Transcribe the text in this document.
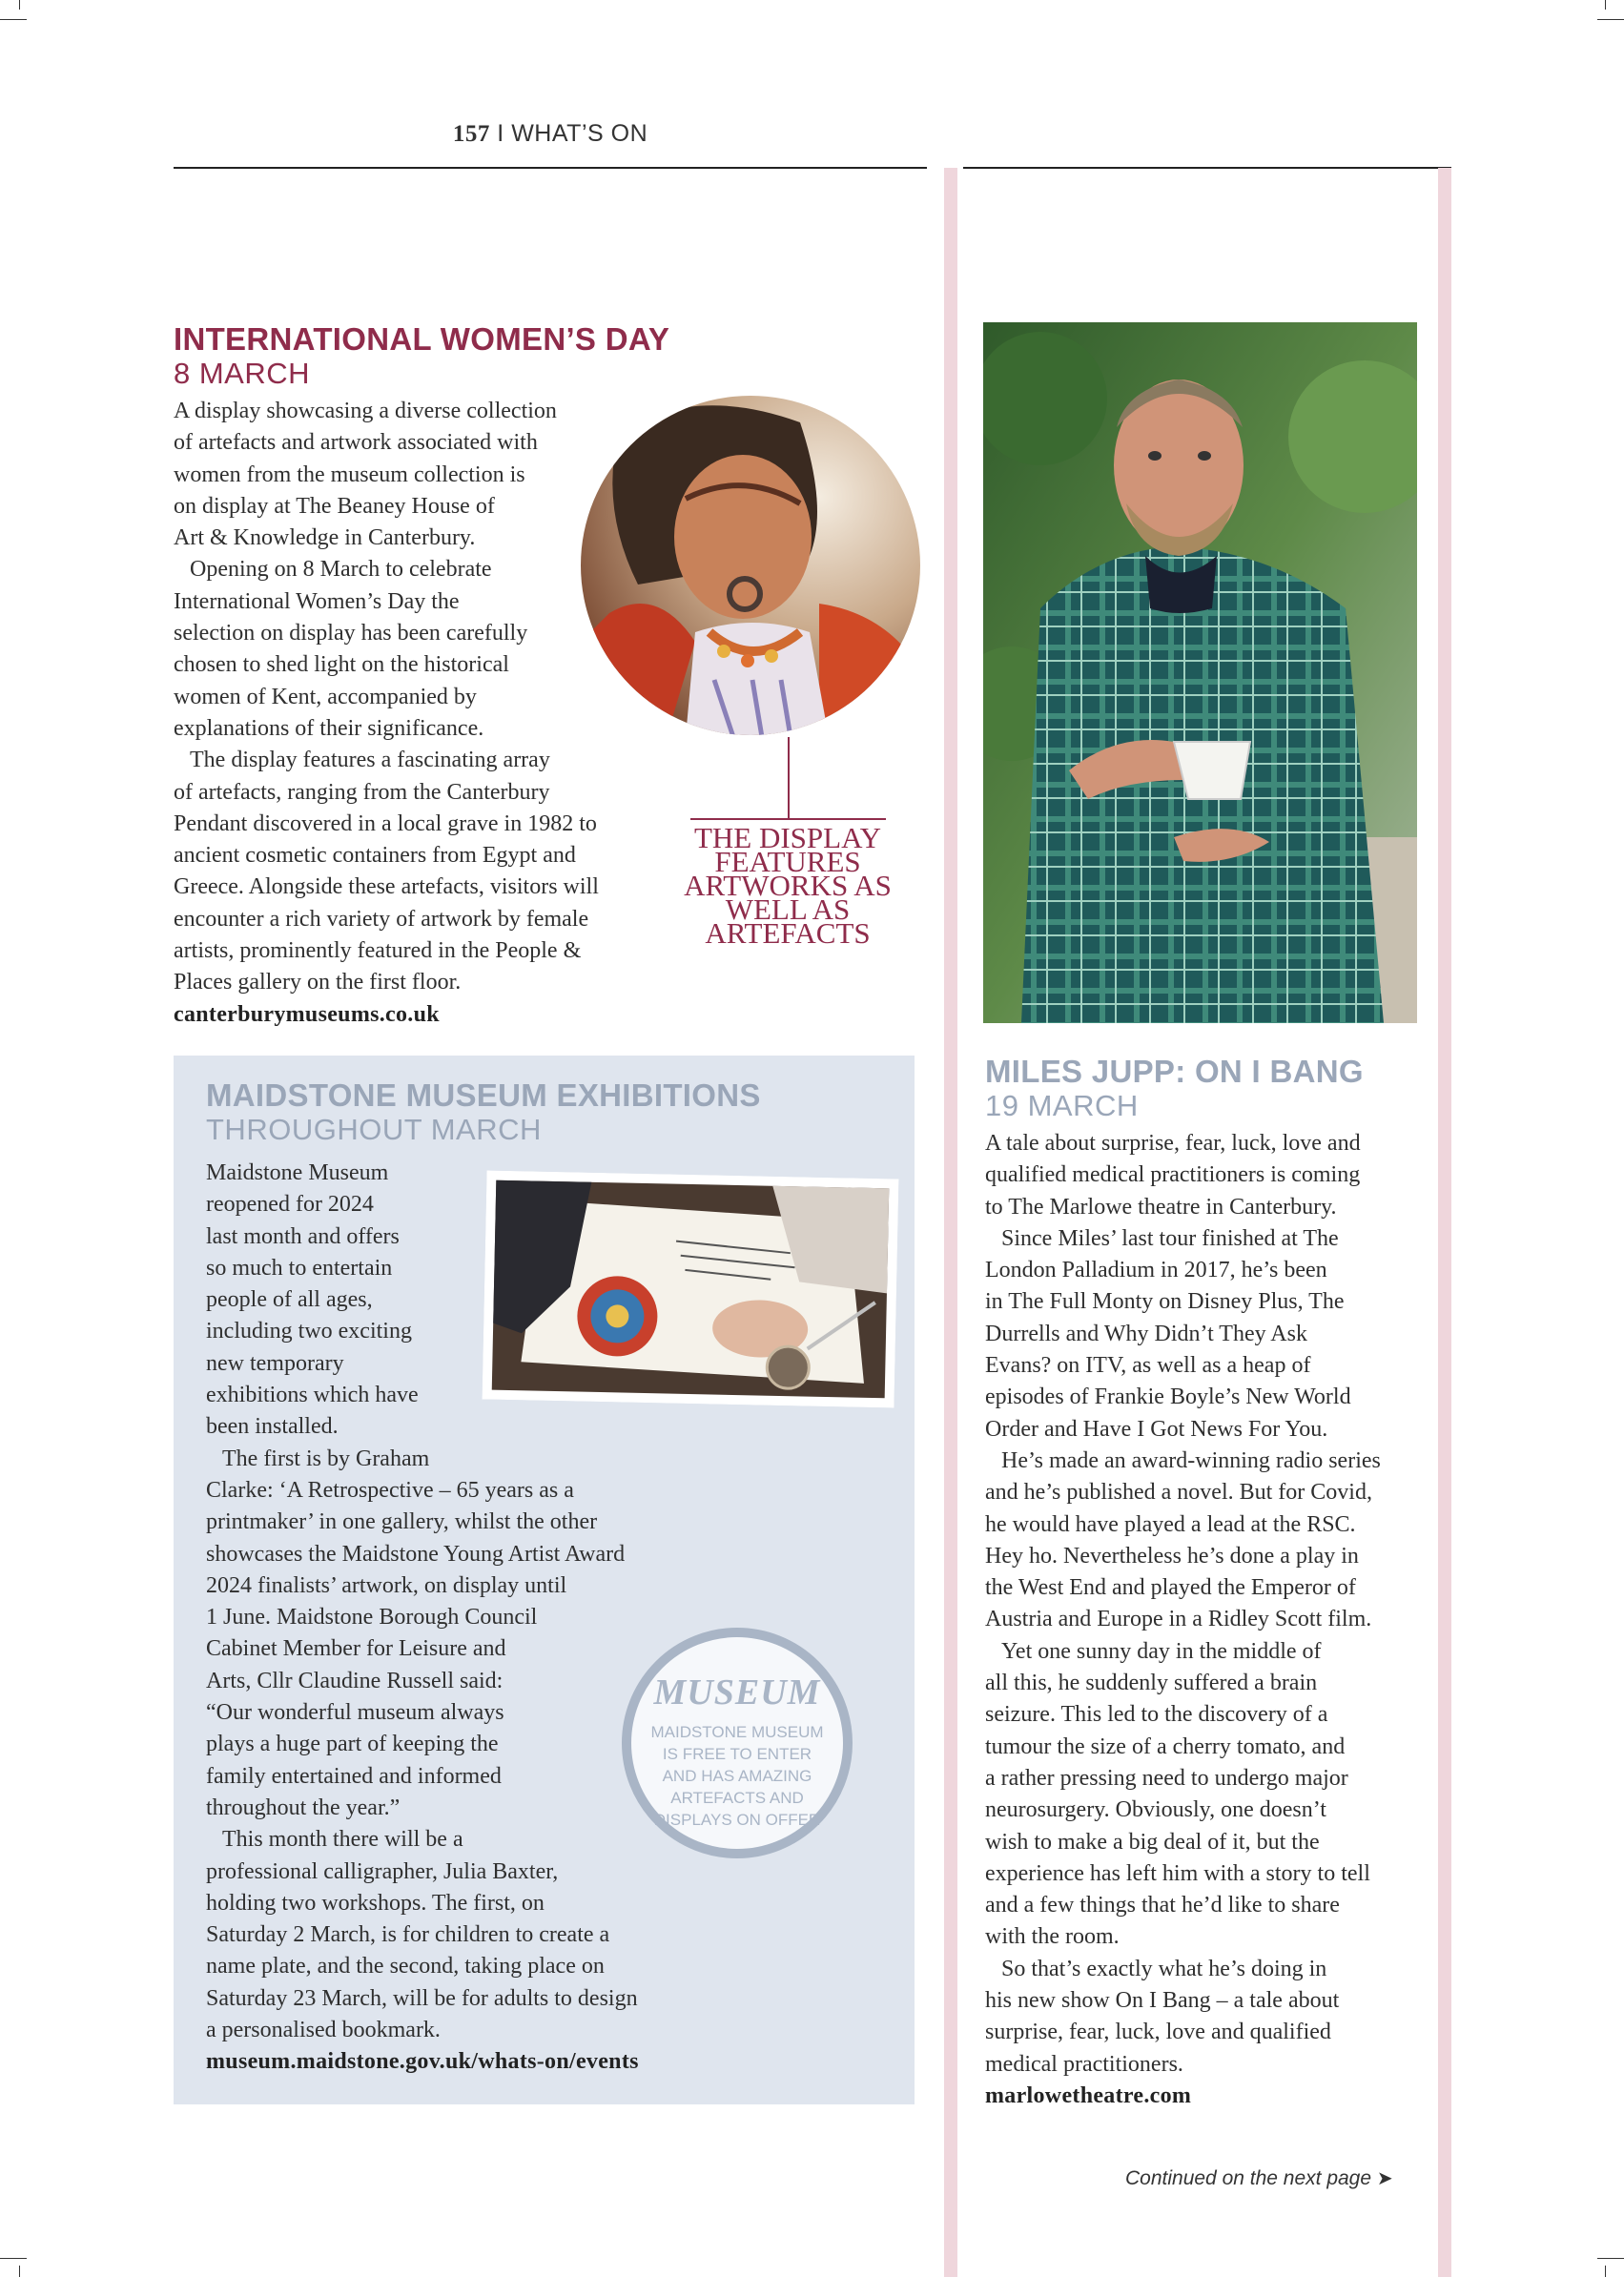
157 I WHAT’S ON
INTERNATIONAL WOMEN’S DAY
8 MARCH

A display showcasing a diverse collection
of artefacts and artwork associated with
women from the museum collection is
on display at The Beaney House of
Art & Knowledge in Canterbury.

Opening on 8 March to celebrate
International Women’s Day the
selection on display has been carefully
chosen to shed light on the historical
women of Kent, accompanied by
explanations of their significance.

The display features a fascinating array
of artefacts, ranging from the Canterbury
Pendant discovered in a local grave in 1982 to
ancient cosmetic containers from Egypt and
Greece. Alongside these artefacts, visitors will
encounter a rich variety of artwork by female
artists, prominently featured in the People &
Places gallery on the first floor.

canterburymuseums.co.uk

THE DISPLAY FEATURES ARTWORKS AS WELL AS ARTEFACTS
MAIDSTONE MUSEUM EXHIBITIONS
THROUGHOUT MARCH

Maidstone Museum
reopened for 2024
last month and offers
so much to entertain
people of all ages,
including two exciting
new temporary
exhibitions which have
been installed.

The first is by Graham
Clarke: ‘A Retrospective – 65 years as a
printmaker’ in one gallery, whilst the other
showcases the Maidstone Young Artist Award
2024 finalists’ artwork, on display until
1 June. Maidstone Borough Council
Cabinet Member for Leisure and
Arts, Cllr Claudine Russell said:
“Our wonderful museum always
plays a huge part of keeping the
family entertained and informed
throughout the year.”

This month there will be a
professional calligrapher, Julia Baxter,
holding two workshops. The first, on
Saturday 2 March, is for children to create a
name plate, and the second, taking place on
Saturday 23 March, will be for adults to design
a personalised bookmark.

museum.maidstone.gov.uk/whats-on/events

MUSEUM
MAIDSTONE MUSEUM IS FREE TO ENTER AND HAS AMAZING ARTEFACTS AND DISPLAYS ON OFFER
MILES JUPP: ON I BANG
19 MARCH

A tale about surprise, fear, luck, love and
qualified medical practitioners is coming
to The Marlowe theatre in Canterbury.

Since Miles’ last tour finished at The
London Palladium in 2017, he’s been
in The Full Monty on Disney Plus, The
Durrells and Why Didn’t They Ask
Evans? on ITV, as well as a heap of
episodes of Frankie Boyle’s New World
Order and Have I Got News For You.

He’s made an award-winning radio series
and he’s published a novel. But for Covid,
he would have played a lead at the RSC.
Hey ho. Nevertheless he’s done a play in
the West End and played the Emperor of
Austria and Europe in a Ridley Scott film.

Yet one sunny day in the middle of
all this, he suddenly suffered a brain
seizure. This led to the discovery of a
tumour the size of a cherry tomato, and
a rather pressing need to undergo major
neurosurgery. Obviously, one doesn’t
wish to make a big deal of it, but the
experience has left him with a story to tell
and a few things that he’d like to share
with the room.

So that’s exactly what he’s doing in
his new show On I Bang – a tale about
surprise, fear, luck, love and qualified
medical practitioners.

marlowetheatre.com

Continued on the next page ➤
